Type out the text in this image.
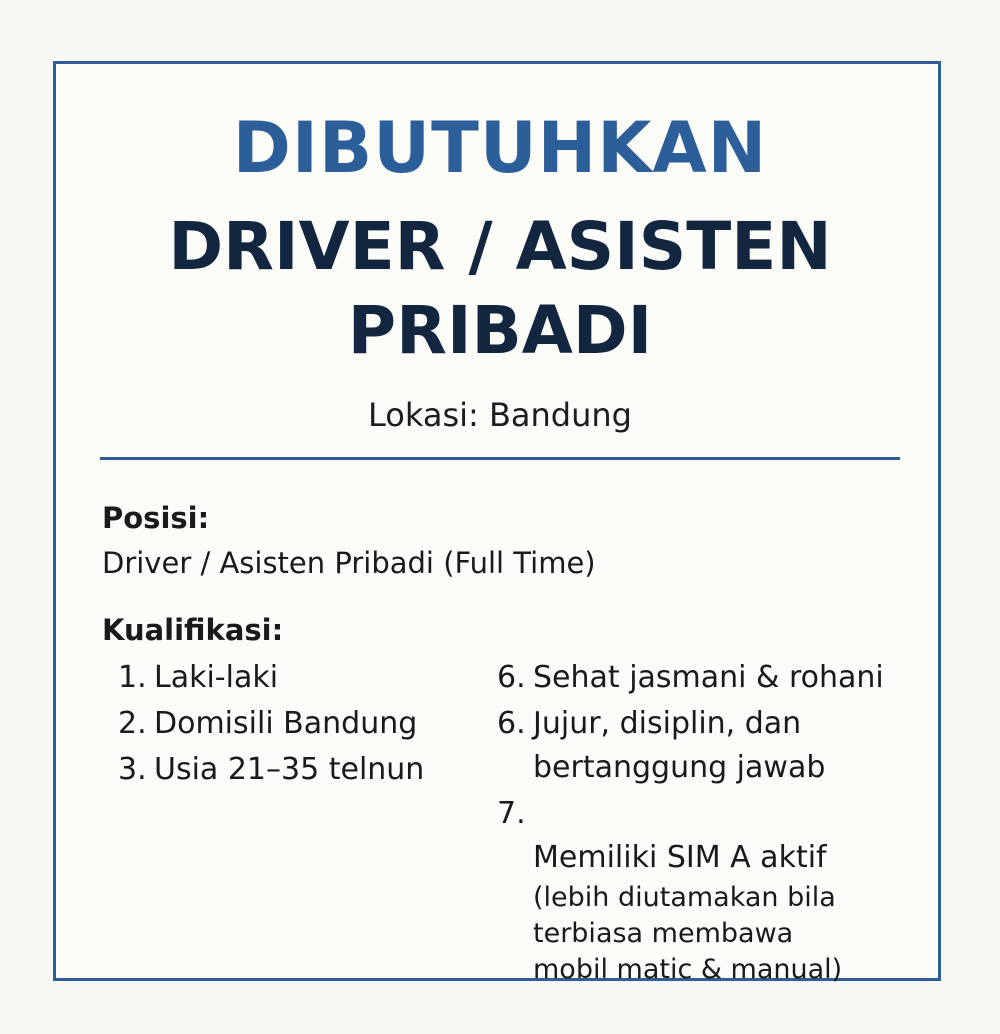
DIBUTUHKAN
DRIVER / ASISTEN
PRIBADI
Lokasi: Bandung
Posisi:
Driver / Asisten Pribadi (Full Time)
Kualifikasi:
1. Laki-laki
2. Domisili Bandung
3. Usia 21–35 telnun
6. Sehat jasmani & rohani
6. Jujur, disiplin, dan
bertanggung jawab
7.

Memiliki SIM A aktif

(lebih diutamakan bila
terbiasa membawa
mobil matic & manual)
